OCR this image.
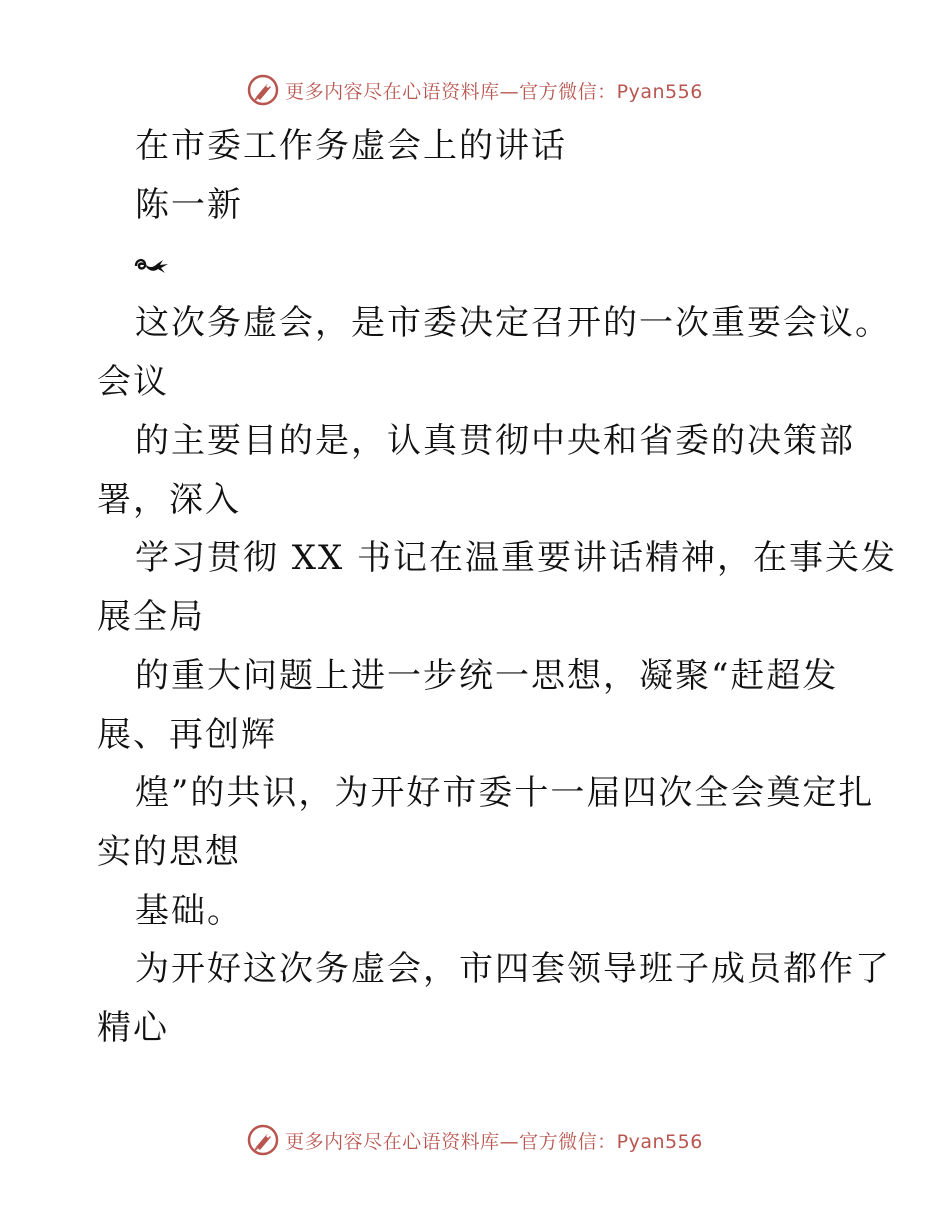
更多内容尽在心语资料库—官方微信：Pyan556
在市委工作务虚会上的讲话
陈一新
这次务虚会，是市委决定召开的一次重要会议。
会议
的主要目的是，认真贯彻中央和省委的决策部
署，深入
学习贯彻 XX 书记在温重要讲话精神，在事关发
展全局
的重大问题上进一步统一思想，凝聚“赶超发
展、再创辉
煌”的共识，为开好市委十一届四次全会奠定扎
实的思想
基础。
为开好这次务虚会，市四套领导班子成员都作了
精心
更多内容尽在心语资料库—官方微信：Pyan556
